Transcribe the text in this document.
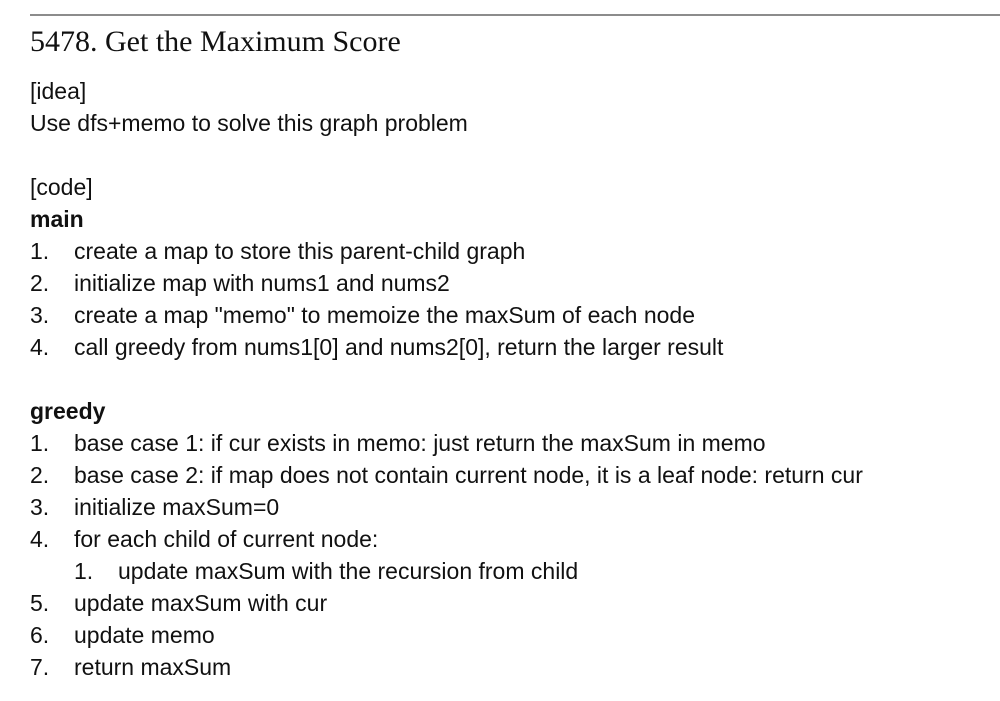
5478. Get the Maximum Score
[idea]
Use dfs+memo to solve this graph problem
[code]
main
1. create a map to store this parent-child graph
2. initialize map with nums1 and nums2
3. create a map "memo" to memoize the maxSum of each node
4. call greedy from nums1[0] and nums2[0], return the larger result
greedy
1. base case 1: if cur exists in memo: just return the maxSum in memo
2. base case 2: if map does not contain current node, it is a leaf node: return cur
3. initialize maxSum=0
4. for each child of current node:
1. update maxSum with the recursion from child
5. update maxSum with cur
6. update memo
7. return maxSum
